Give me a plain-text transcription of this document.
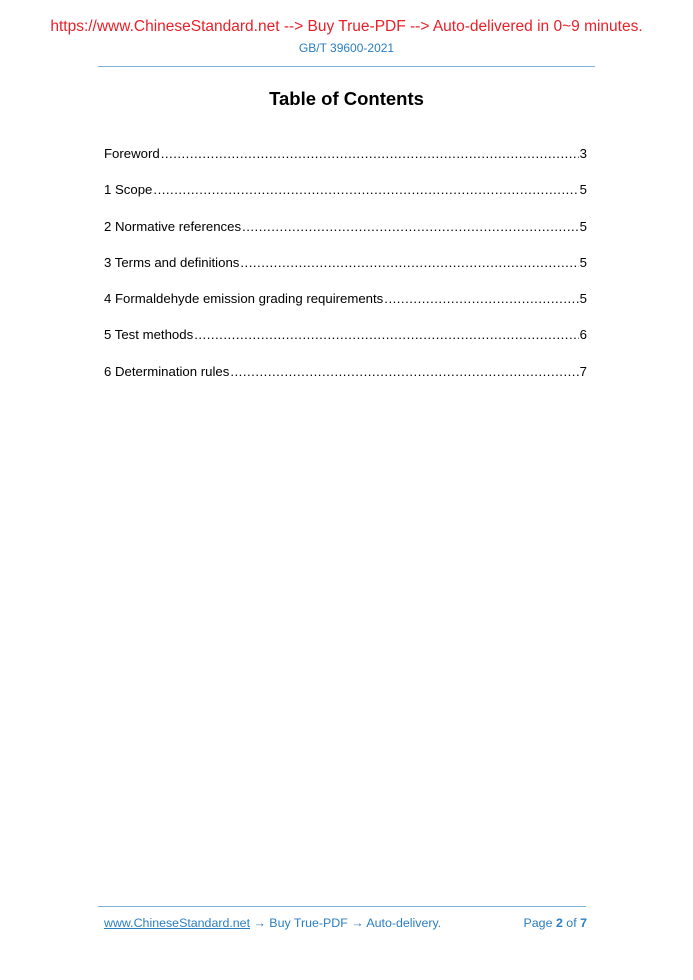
https://www.ChineseStandard.net --> Buy True-PDF --> Auto-delivered in 0~9 minutes.
GB/T 39600-2021
Table of Contents
Foreword .....	3
1 Scope .....	5
2 Normative references .....	5
3 Terms and definitions .....	5
4 Formaldehyde emission grading requirements .....	5
5 Test methods .....	6
6 Determination rules .....	7
www.ChineseStandard.net → Buy True-PDF → Auto-delivery.	Page 2 of 7
